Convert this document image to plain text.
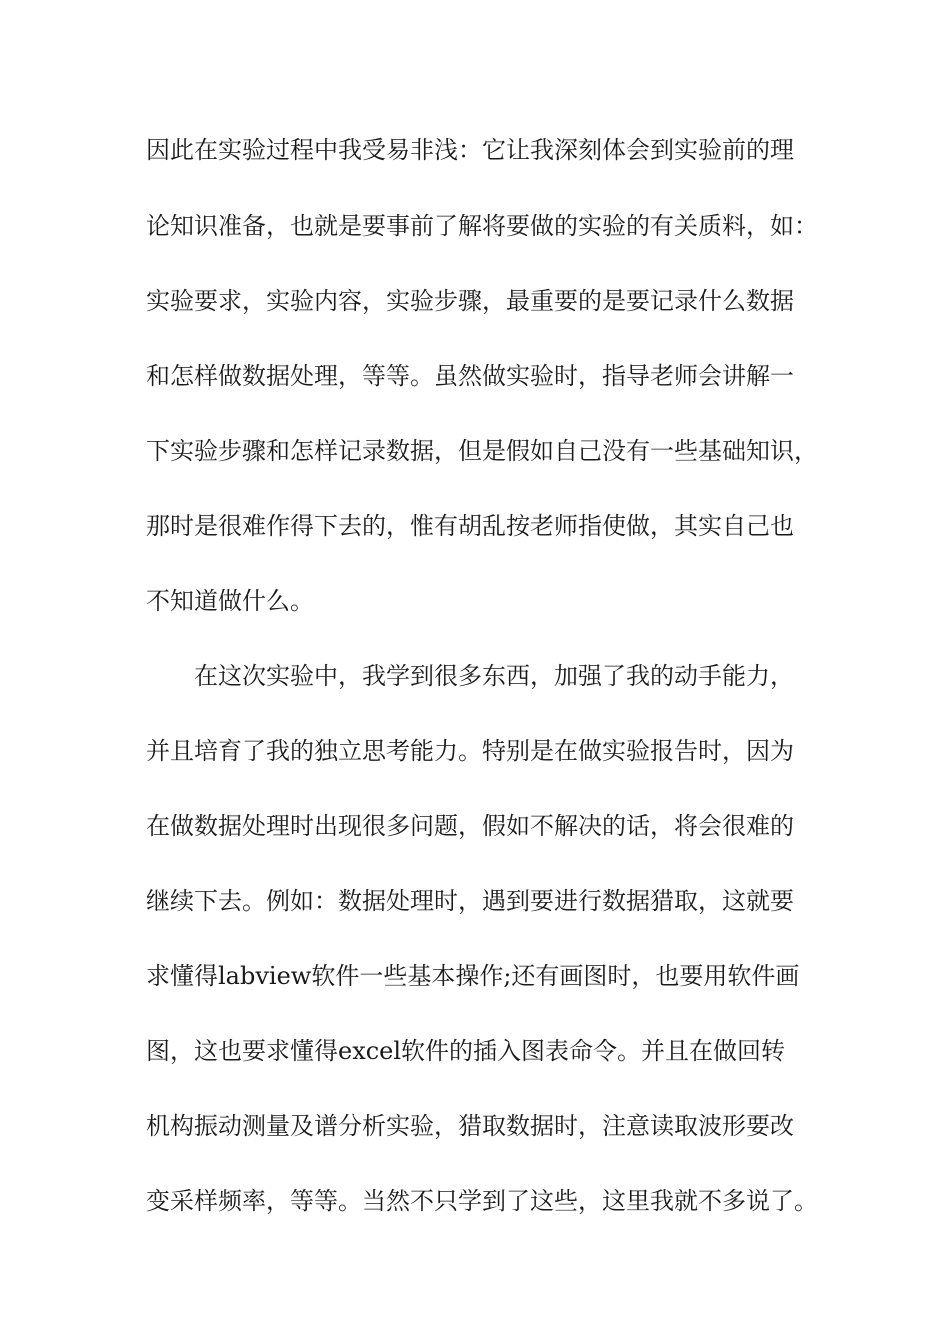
因此在实验过程中我受易非浅：它让我深刻体会到实验前的理
论知识准备，也就是要事前了解将要做的实验的有关质料，如：
实验要求，实验内容，实验步骤，最重要的是要记录什么数据
和怎样做数据处理，等等。虽然做实验时，指导老师会讲解一
下实验步骤和怎样记录数据，但是假如自己没有一些基础知识，
那时是很难作得下去的，惟有胡乱按老师指使做，其实自己也
不知道做什么。
在这次实验中，我学到很多东西，加强了我的动手能力，
并且培育了我的独立思考能力。特别是在做实验报告时，因为
在做数据处理时出现很多问题，假如不解决的话，将会很难的
继续下去。例如：数据处理时，遇到要进行数据猎取，这就要
求懂得labview软件一些基本操作;还有画图时，也要用软件画
图，这也要求懂得excel软件的插入图表命令。并且在做回转
机构振动测量及谱分析实验，猎取数据时，注意读取波形要改
变采样频率，等等。当然不只学到了这些，这里我就不多说了。
